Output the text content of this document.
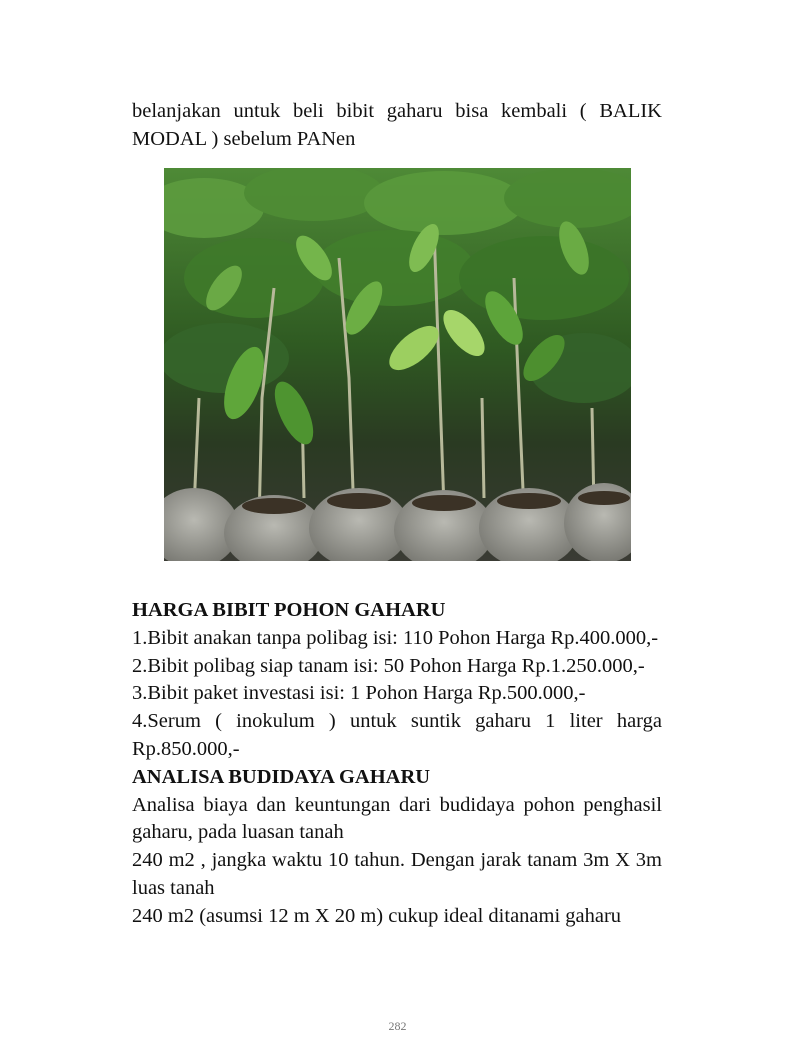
belanjakan untuk beli bibit gaharu bisa kembali ( BALIK MODAL ) sebelum PANen

HARGA BIBIT POHON GAHARU

1.Bibit anakan tanpa polibag isi: 110 Pohon Harga Rp.400.000,-

2.Bibit polibag siap tanam isi: 50 Pohon Harga Rp.1.250.000,-

3.Bibit paket investasi isi: 1 Pohon Harga Rp.500.000,-

4.Serum ( inokulum ) untuk suntik gaharu 1 liter harga Rp.850.000,-

ANALISA BUDIDAYA GAHARU

Analisa biaya dan keuntungan dari budidaya pohon penghasil gaharu, pada luasan tanah

240 m2 , jangka waktu 10 tahun. Dengan jarak tanam 3m X 3m luas tanah

240 m2 (asumsi 12 m X 20 m) cukup ideal ditanami gaharu

282
